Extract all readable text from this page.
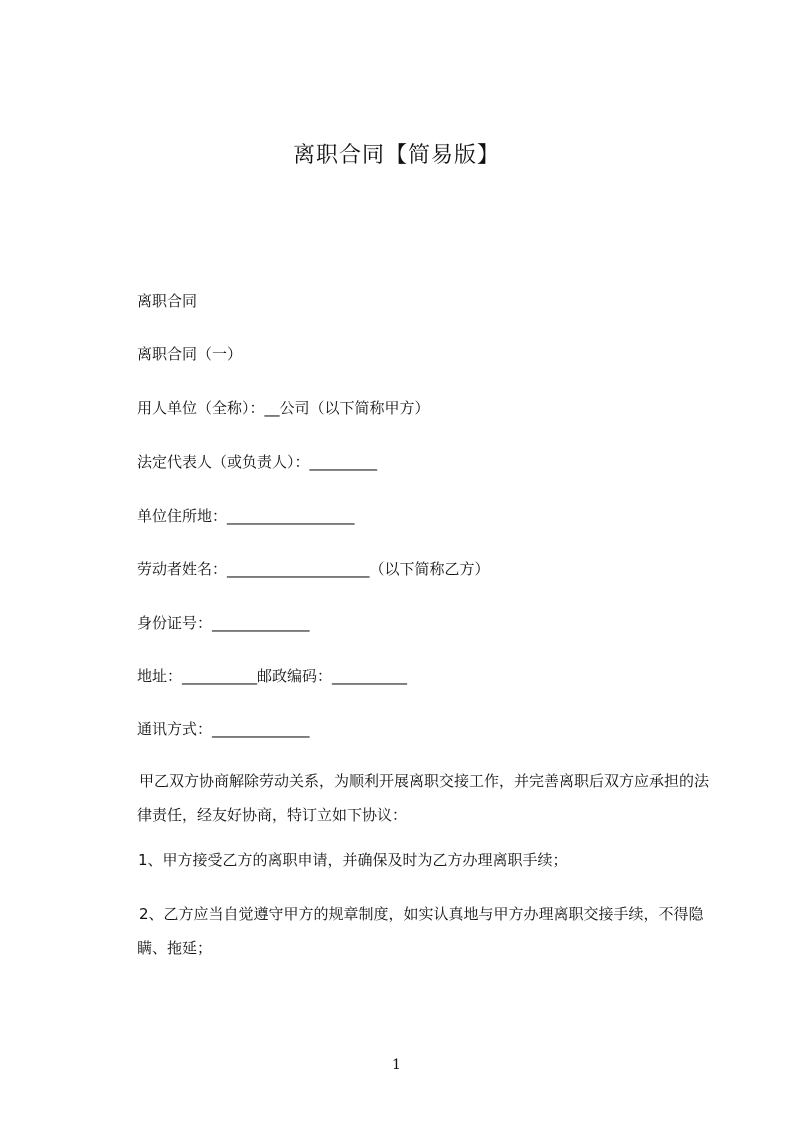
离职合同【简易版】
离职合同
离职合同（一）
用人单位（全称）：__公司（以下简称甲方）
法定代表人（或负责人）：_________
单位住所地：_________________
劳动者姓名：___________________（以下简称乙方）
身份证号：_____________
地址：__________邮政编码：__________
通讯方式：_____________
甲乙双方协商解除劳动关系，为顺利开展离职交接工作，并完善离职后双方应承担的法律责任，经友好协商，特订立如下协议：
1、甲方接受乙方的离职申请，并确保及时为乙方办理离职手续；
2、乙方应当自觉遵守甲方的规章制度，如实认真地与甲方办理离职交接手续，不得隐瞒、拖延；
1
